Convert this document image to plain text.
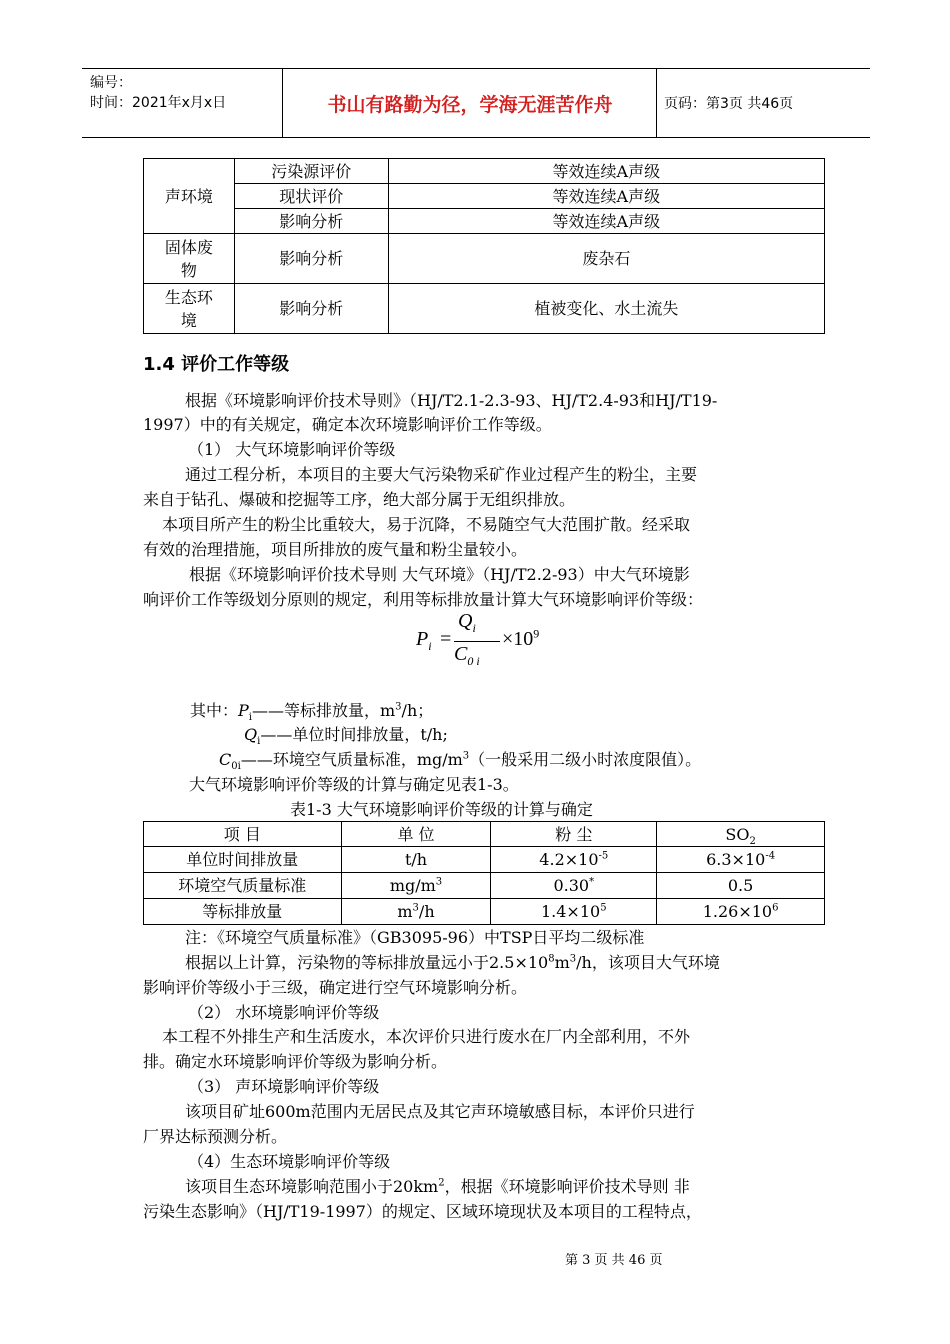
编号：
时间：2021年x月x日	书山有路勤为径，学海无涯苦作舟	页码：第3页 共46页
声环境	污染源评价	等效连续A声级
	现状评价	等效连续A声级
	影响分析	等效连续A声级

固体废
物	影响分析	废杂石

生态环
境	影响分析	植被变化、水土流失
1.4 评价工作等级
根据《环境影响评价技术导则》（HJ/T2.1-2.3-93、HJ/T2.4-93和HJ/T19-
1997）中的有关规定，确定本次环境影响评价工作等级。
（1） 大气环境影响评价等级
通过工程分析，本项目的主要大气污染物采矿作业过程产生的粉尘，主要
来自于钻孔、爆破和挖掘等工序，绝大部分属于无组织排放。
本项目所产生的粉尘比重较大，易于沉降，不易随空气大范围扩散。经采取
有效的治理措施，项目所排放的废气量和粉尘量较小。
根据《环境影响评价技术导则 大气环境》（HJ/T2.2-93）中大气环境影
响评价工作等级划分原则的规定，利用等标排放量计算大气环境影响评价等级：
$P_i$ =
$Q_i$
$C_{0 i}$
$\times 10^9$
其中：$P_i——$等标排放量，$m^3/h$；
$Q_i——$单位时间排放量，t/h;
$C_{0i}——$环境空气质量标准，$mg/m^3$（一般采用二级小时浓度限值）。
大气环境影响评价等级的计算与确定见表1-3。
表1-3 大气环境影响评价等级的计算与确定
项 目	单 位	粉 尘	$SO_2$
单位时间排放量	t/h	$4.2\times 10^{-5}$	$6.3\times 10^{-4}$
环境空气质量标准	$mg/m^3$	0.30*	0.5
等标排放量	$m^3/h$	$1.4\times 10^5$	$1.26\times 10^6$
注：《环境空气质量标准》（GB3095-96）中TSP日平均二级标准
根据以上计算，污染物的等标排放量远小于$2.5\times 10^8m^3/h$，该项目大气环境
影响评价等级小于三级，确定进行空气环境影响分析。
（2） 水环境影响评价等级
本工程不外排生产和生活废水，本次评价只进行废水在厂内全部利用，不外
排。确定水环境影响评价等级为影响分析。
（3） 声环境影响评价等级
该项目矿址600m范围内无居民点及其它声环境敏感目标，本评价只进行
厂界达标预测分析。
（4）生态环境影响评价等级
该项目生态环境影响范围小于$20km^2$，根据《环境影响评价技术导则 非
污染生态影响》（HJ/T19-1997）的规定、区域环境现状及本项目的工程特点，
第 3 页 共 46 页
